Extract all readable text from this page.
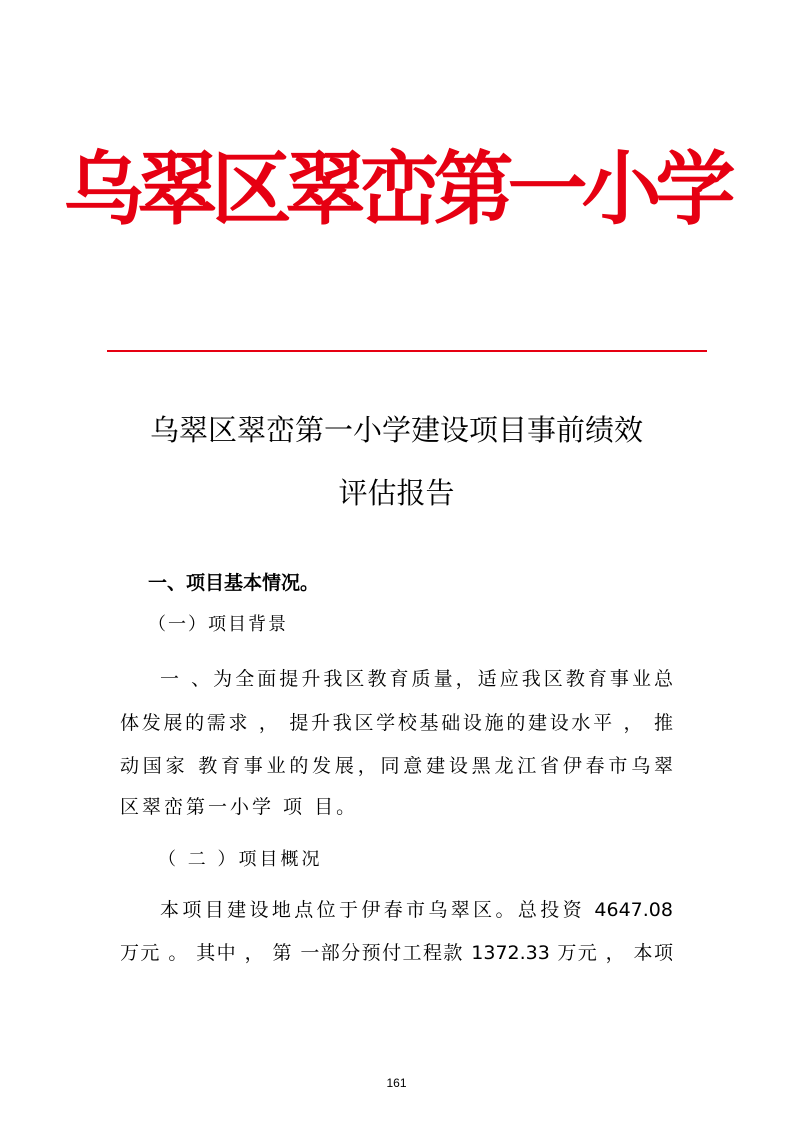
乌翠区翠峦第一小学
乌翠区翠峦第一小学建设项目事前绩效
评估报告
一、项目基本情况。
（一）项目背景
一 、为全面提升我区教育质量，适应我区教育事业总
体发展的需求 ， 提升我区学校基础设施的建设水平 ， 推
动国家 教育事业的发展，同意建设黑龙江省伊春市乌翠
区翠峦第一小学 项 目。
（ 二 ）项目概况
本项目建设地点位于伊春市乌翠区。总投资 4647.08
万元 。 其中 ， 第 一部分预付工程款 1372.33 万元 ， 本项
161
